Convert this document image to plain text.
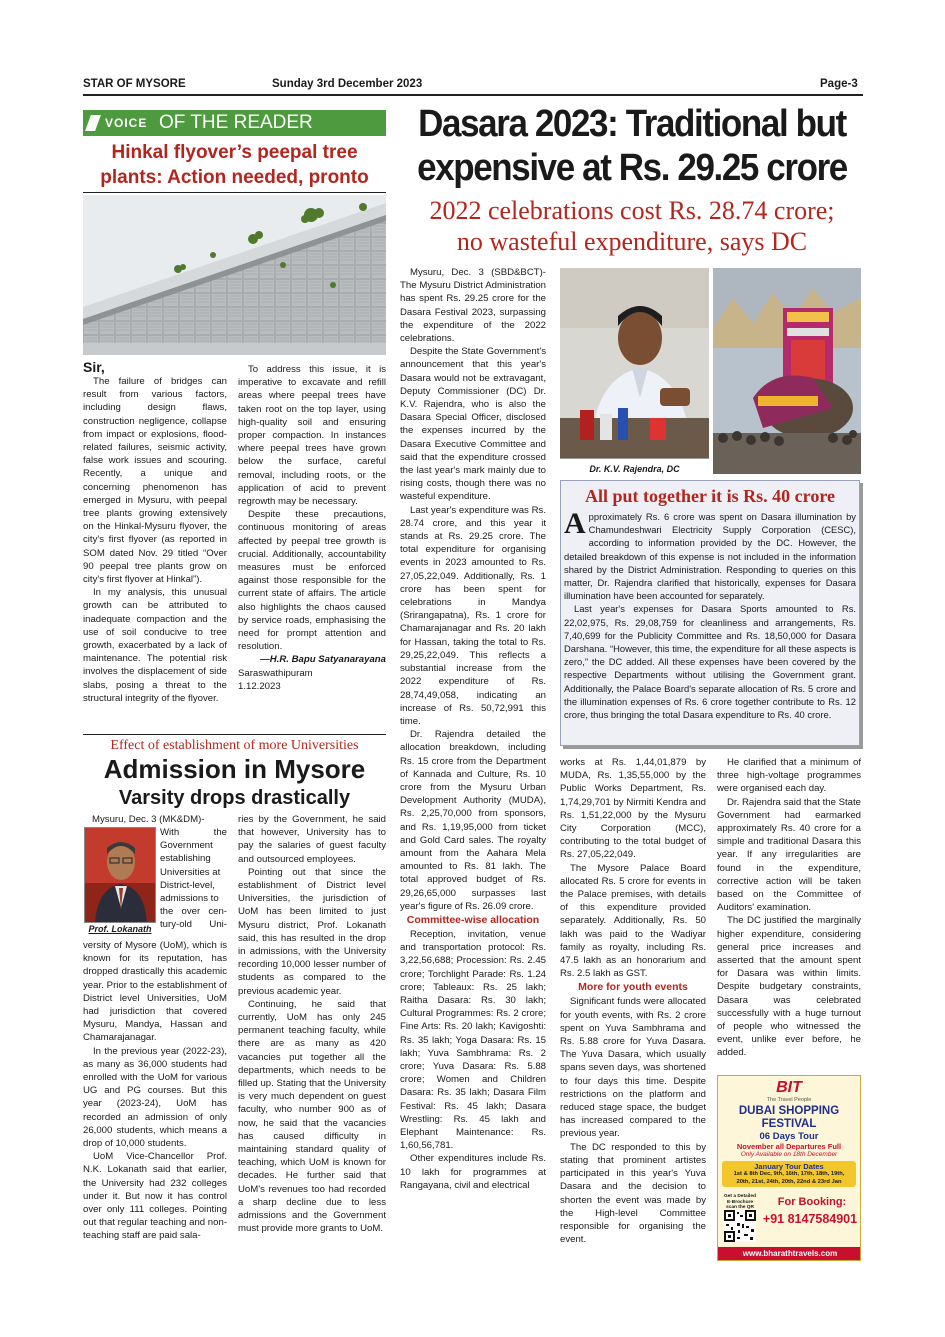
STAR OF MYSORE	Sunday 3rd December 2023	Page-3
VOICE OF THE READER
Hinkal flyover’s peepal tree plants: Action needed, pronto

Sir,

The failure of bridges can result from various factors, including design flaws, construction negligence, collapse from impact or explosions, flood-related failures, seismic activity, false work issues and scouring. Recently, a unique and concerning phenomenon has emerged in Mysuru, with peepal tree plants growing extensively on the Hinkal-Mysuru flyover, the city's first flyover (as reported in SOM dated Nov. 29 titled “Over 90 peepal tree plants grow on city's first flyover at Hinkal”).

In my analysis, this unusual growth can be attributed to inadequate compaction and the use of soil conducive to tree growth, exacerbated by a lack of maintenance. The potential risk involves the displacement of side slabs, posing a threat to the structural integrity of the flyover.

To address this issue, it is imperative to excavate and refill areas where peepal trees have taken root on the top layer, using high-quality soil and ensuring proper compaction. In instances where peepal trees have grown below the surface, careful removal, including roots, or the application of acid to prevent regrowth may be necessary.

Despite these precautions, continuous monitoring of areas affected by peepal tree growth is crucial. Additionally, accountability measures must be enforced against those responsible for the current state of affairs. The article also highlights the chaos caused by service roads, emphasising the need for prompt attention and resolution.

—H.R. Bapu Satyanarayana

Saraswathipuram

1.12.2023

Effect of establishment of more Universities
Admission in Mysore
Varsity drops drastically
Prof. Lokanath

Mysuru, Dec. 3 (MK&DM)-

With the

Government

establishing

Universities at

District-level,

admissions to

the over cen-

tury-old Uni-

versity of Mysore (UoM), which is known for its reputation, has dropped drastically this academic year. Prior to the establishment of District level Universities, UoM had jurisdiction that covered Mysuru, Mandya, Hassan and Chamarajanagar.

In the previous year (2022-23), as many as 36,000 students had enrolled with the UoM for various UG and PG courses. But this year (2023-24), UoM has recorded an admission of only 26,000 students, which means a drop of 10,000 students.

UoM Vice-Chancellor Prof. N.K. Lokanath said that earlier, the University had 232 colleges under it. But now it has control over only 111 colleges. Pointing out that regular teaching and non-teaching staff are paid sala-

ries by the Government, he said that however, University has to pay the salaries of guest faculty and outsourced employees.

Pointing out that since the establishment of District level Universities, the jurisdiction of UoM has been limited to just Mysuru district, Prof. Lokanath said, this has resulted in the drop in admissions, with the University recording 10,000 lesser number of students as compared to the previous academic year.

Continuing, he said that currently, UoM has only 245 permanent teaching faculty, while there are as many as 420 vacancies put together all the departments, which needs to be filled up. Stating that the University is very much dependent on guest faculty, who number 900 as of now, he said that the vacancies has caused difficulty in maintaining standard quality of teaching, which UoM is known for decades. He further said that UoM's revenues too had recorded a sharp decline due to less admissions and the Government must provide more grants to UoM.

Dasara 2023: Traditional but
expensive at Rs. 29.25 crore
2022 celebrations cost Rs. 28.74 crore;
no wasteful expenditure, says DC

Mysuru, Dec. 3 (SBD&BCT)- The Mysuru District Administration has spent Rs. 29.25 crore for the Dasara Festival 2023, surpassing the expenditure of the 2022 celebrations.

Despite the State Government's announcement that this year's Dasara would not be extravagant, Deputy Commissioner (DC) Dr. K.V. Rajendra, who is also the Dasara Special Officer, disclosed the expenses incurred by the Dasara Executive Committee and said that the expenditure crossed the last year's mark mainly due to rising costs, though there was no wasteful expenditure.

Last year's expenditure was Rs. 28.74 crore, and this year it stands at Rs. 29.25 crore. The total expenditure for organising events in 2023 amounted to Rs. 27,05,22,049. Additionally, Rs. 1 crore has been spent for celebrations in Mandya (Srirangapatna), Rs. 1 crore for Chamarajanagar and Rs. 20 lakh for Hassan, taking the total to Rs. 29,25,22,049. This reflects a substantial increase from the 2022 expenditure of Rs. 28,74,49,058, indicating an increase of Rs. 50,72,991 this time.

Dr. Rajendra detailed the allocation breakdown, including Rs. 15 crore from the Department of Kannada and Culture, Rs. 10 crore from the Mysuru Urban Development Authority (MUDA), Rs. 2,25,70,000 from sponsors, and Rs. 1,19,95,000 from ticket and Gold Card sales. The royalty amount from the Aahara Mela amounted to Rs. 81 lakh. The total approved budget of Rs. 29,26,65,000 surpasses last year's figure of Rs. 26.09 crore.

Committee-wise allocation

Reception, invitation, venue and transportation protocol: Rs. 3,22,56,688; Procession: Rs. 2.45 crore; Torchlight Parade: Rs. 1.24 crore; Tableaux: Rs. 25 lakh; Raitha Dasara: Rs. 30 lakh; Cultural Programmes: Rs. 2 crore; Fine Arts: Rs. 20 lakh; Kavigoshti: Rs. 35 lakh; Yoga Dasara: Rs. 15 lakh; Yuva Sambhrama: Rs. 2 crore; Yuva Dasara: Rs. 5.88 crore; Women and Children Dasara: Rs. 35 lakh; Dasara Film Festival: Rs. 45 lakh; Dasara Wrestling: Rs. 45 lakh and Elephant Maintenance: Rs. 1,60,56,781.

Other expenditures include Rs. 10 lakh for programmes at Rangayana, civil and electrical

Dr. K.V. Rajendra, DC
All put together it is Rs. 40 crore

Approximately Rs. 6 crore was spent on Dasara illumination by Chamundeshwari Electricity Supply Corporation (CESC), according to information provided by the DC. However, the detailed breakdown of this expense is not included in the information shared by the District Administration. Responding to queries on this matter, Dr. Rajendra clarified that historically, expenses for Dasara illumination have been accounted for separately.

Last year's expenses for Dasara Sports amounted to Rs. 22,02,975, Rs. 29,08,759 for cleanliness and arrangements, Rs. 7,40,699 for the Publicity Committee and Rs. 18,50,000 for Dasara Darshana. “However, this time, the expenditure for all these aspects is zero,” the DC added. All these expenses have been covered by the respective Departments without utilising the Government grant. Additionally, the Palace Board's separate allocation of Rs. 5 crore and the illumination expenses of Rs. 6 crore together contribute to Rs. 12 crore, thus bringing the total Dasara expenditure to Rs. 40 crore.

works at Rs. 1,44,01,879 by MUDA, Rs. 1,35,55,000 by the Public Works Department, Rs. 1,74,29,701 by Nirmiti Kendra and Rs. 1,51,22,000 by the Mysuru City Corporation (MCC), contributing to the total budget of Rs. 27,05,22,049.

The Mysore Palace Board allocated Rs. 5 crore for events in the Palace premises, with details of this expenditure provided separately. Additionally, Rs. 50 lakh was paid to the Wadiyar family as royalty, including Rs. 47.5 lakh as an honorarium and Rs. 2.5 lakh as GST.

More for youth events

Significant funds were allocated for youth events, with Rs. 2 crore spent on Yuva Sambhrama and Rs. 5.88 crore for Yuva Dasara. The Yuva Dasara, which usually spans seven days, was shortened to four days this time. Despite restrictions on the platform and reduced stage space, the budget has increased compared to the previous year.

The DC responded to this by stating that prominent artistes participated in this year's Yuva Dasara and the decision to shorten the event was made by the High-level Committee responsible for organising the event.

He clarified that a minimum of three high-voltage programmes were organised each day.

Dr. Rajendra said that the State Government had earmarked approximately Rs. 40 crore for a simple and traditional Dasara this year. If any irregularities are found in the expenditure, corrective action will be taken based on the Committee of Auditors' examination.

The DC justified the marginally higher expenditure, considering general price increases and asserted that the amount spent for Dasara was within limits. Despite budgetary constraints, Dasara was celebrated successfully with a huge turnout of people who witnessed the event, unlike ever before, he added.

BIT
The Travel People
DUBAI SHOPPING FESTIVAL
06 Days Tour
November all Departures Full
Only Available on 18th December
January Tour Dates
1st & 8th Dec, 9th, 16th, 17th, 18th, 19th,
20th, 21st, 24th, 20th, 22nd & 23rd Jan
Get a Detailed E-Brochure scan the QR	For Booking:
+91 8147584901
www.bharathtravels.com
